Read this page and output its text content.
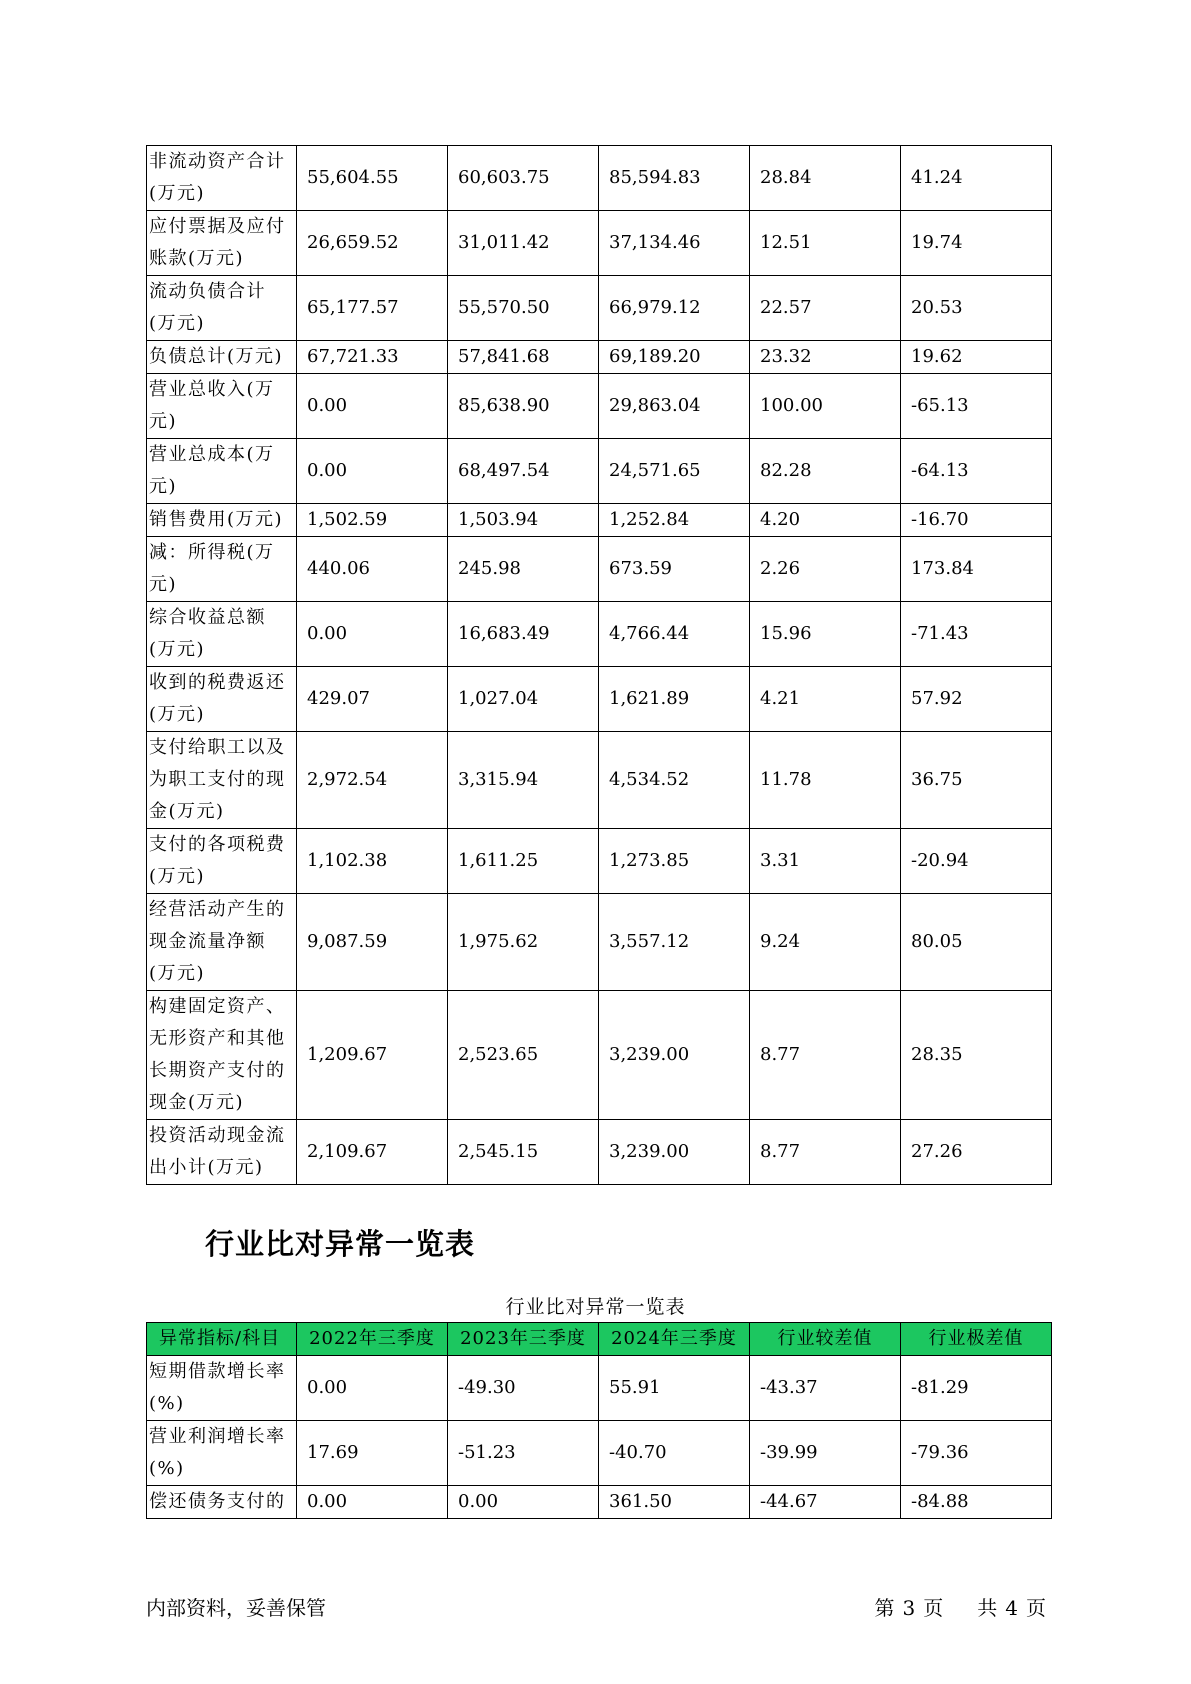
非流动资产合计(万元)	55,604.55	60,603.75	85,594.83	28.84	41.24
应付票据及应付账款(万元)	26,659.52	31,011.42	37,134.46	12.51	19.74
流动负债合计(万元)	65,177.57	55,570.50	66,979.12	22.57	20.53
负债总计(万元)	67,721.33	57,841.68	69,189.20	23.32	19.62
营业总收入(万元)	0.00	85,638.90	29,863.04	100.00	-65.13
营业总成本(万元)	0.00	68,497.54	24,571.65	82.28	-64.13
销售费用(万元)	1,502.59	1,503.94	1,252.84	4.20	-16.70
减：所得税(万元)	440.06	245.98	673.59	2.26	173.84
综合收益总额(万元)	0.00	16,683.49	4,766.44	15.96	-71.43
收到的税费返还(万元)	429.07	1,027.04	1,621.89	4.21	57.92
支付给职工以及为职工支付的现金(万元)	2,972.54	3,315.94	4,534.52	11.78	36.75
支付的各项税费(万元)	1,102.38	1,611.25	1,273.85	3.31	-20.94
经营活动产生的现金流量净额(万元)	9,087.59	1,975.62	3,557.12	9.24	80.05
构建固定资产、无形资产和其他长期资产支付的现金(万元)	1,209.67	2,523.65	3,239.00	8.77	28.35
投资活动现金流出小计(万元)	2,109.67	2,545.15	3,239.00	8.77	27.26
行业比对异常一览表
行业比对异常一览表
异常指标/科目	2022年三季度	2023年三季度	2024年三季度	行业较差值	行业极差值
短期借款增长率(%)	0.00	-49.30	55.91	-43.37	-81.29
营业利润增长率(%)	17.69	-51.23	-40.70	-39.99	-79.36
偿还债务支付的	0.00	0.00	361.50	-44.67	-84.88
内部资料，妥善保管	第 3 页 共 4 页
